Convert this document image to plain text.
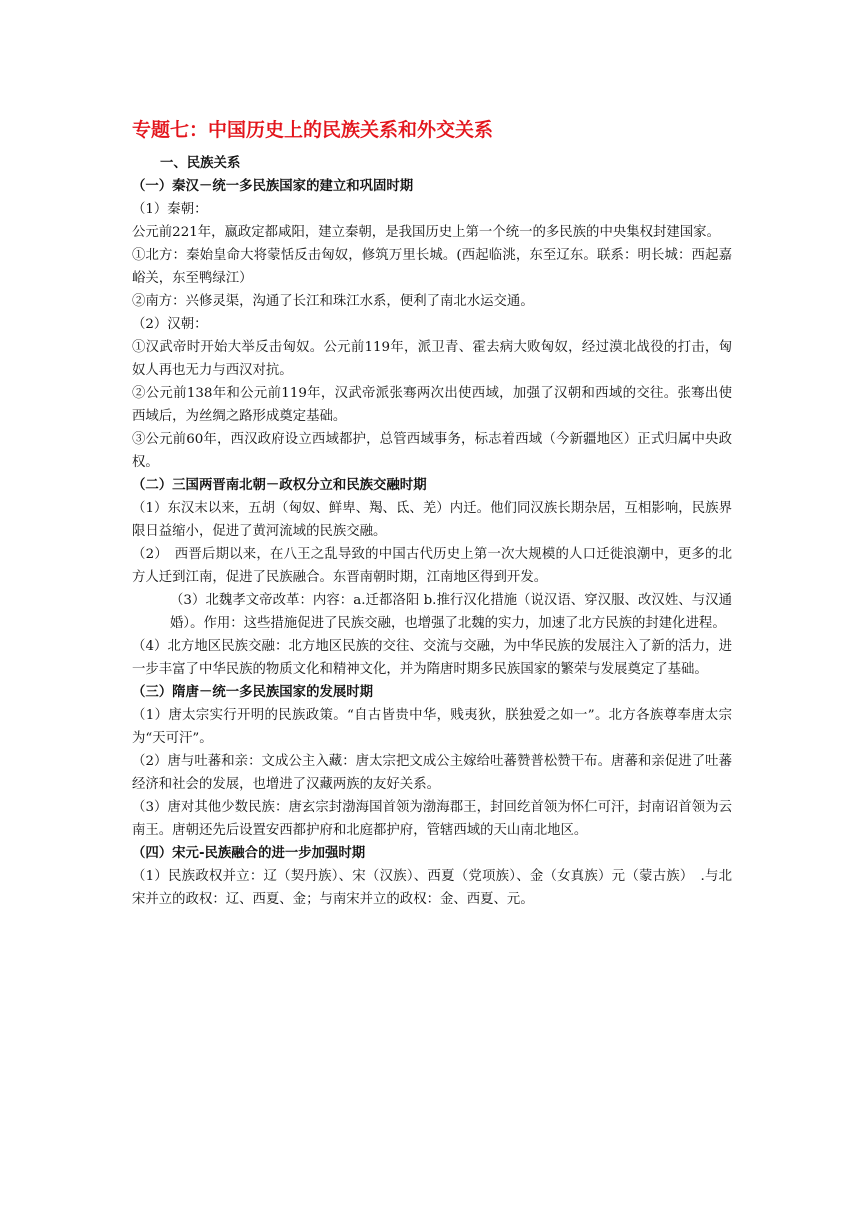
专题七：中国历史上的民族关系和外交关系

一、民族关系

（一）秦汉－统一多民族国家的建立和巩固时期

（1）秦朝：

公元前221年，嬴政定都咸阳，建立秦朝，是我国历史上第一个统一的多民族的中央集权封建国家。

①北方：秦始皇命大将蒙恬反击匈奴，修筑万里长城。(西起临洮，东至辽东。联系：明长城：西起嘉峪关，东至鸭绿江）

②南方：兴修灵渠，沟通了长江和珠江水系，便利了南北水运交通。

（2）汉朝：

①汉武帝时开始大举反击匈奴。公元前119年，派卫青、霍去病大败匈奴，经过漠北战役的打击，匈奴人再也无力与西汉对抗。

②公元前138年和公元前119年，汉武帝派张骞两次出使西域，加强了汉朝和西域的交往。张骞出使西域后，为丝绸之路形成奠定基础。

③公元前60年，西汉政府设立西域都护，总管西域事务，标志着西域（今新疆地区）正式归属中央政权。

（二）三国两晋南北朝－政权分立和民族交融时期

（1）东汉末以来，五胡（匈奴、鲜卑、羯、氐、羌）内迁。他们同汉族长期杂居，互相影响，民族界限日益缩小，促进了黄河流域的民族交融。

（2）　西晋后期以来，在八王之乱导致的中国古代历史上第一次大规模的人口迁徙浪潮中，更多的北方人迁到江南，促进了民族融合。东晋南朝时期，江南地区得到开发。

（3）北魏孝文帝改革：内容：a.迁都洛阳 b.推行汉化措施（说汉语、穿汉服、改汉姓、与汉通婚）。作用：这些措施促进了民族交融，也增强了北魏的实力，加速了北方民族的封建化进程。

（4）北方地区民族交融：北方地区民族的交往、交流与交融，为中华民族的发展注入了新的活力，进一步丰富了中华民族的物质文化和精神文化，并为隋唐时期多民族国家的繁荣与发展奠定了基础。

（三）隋唐－统一多民族国家的发展时期

（1）唐太宗实行开明的民族政策。“自古皆贵中华，贱夷狄，朕独爱之如一”。北方各族尊奉唐太宗为“天可汗”。

（2）唐与吐蕃和亲：文成公主入藏：唐太宗把文成公主嫁给吐蕃赞普松赞干布。唐蕃和亲促进了吐蕃经济和社会的发展，也增进了汉藏两族的友好关系。

（3）唐对其他少数民族：唐玄宗封渤海国首领为渤海郡王，封回纥首领为怀仁可汗，封南诏首领为云南王。唐朝还先后设置安西都护府和北庭都护府，管辖西域的天山南北地区。

（四）宋元-民族融合的进一步加强时期

（1）民族政权并立：辽（契丹族）、宋（汉族）、西夏（党项族）、金（女真族）元（蒙古族）　.与北宋并立的政权：辽、西夏、金；与南宋并立的政权：金、西夏、元。
